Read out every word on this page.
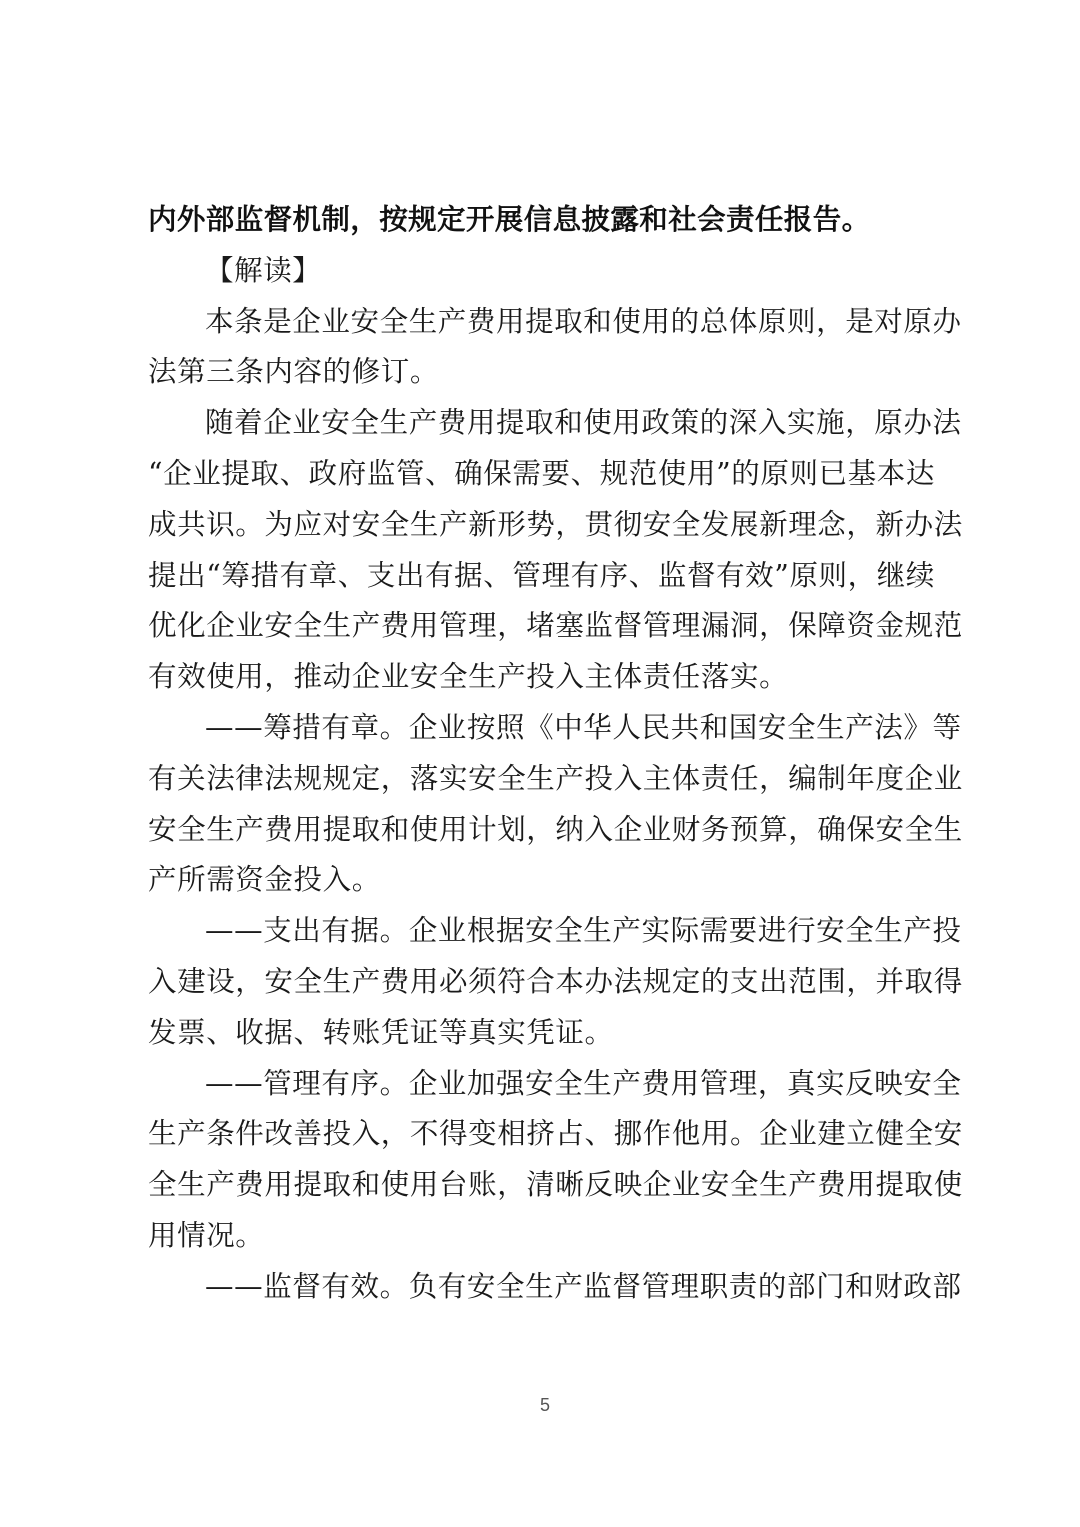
内外部监督机制，按规定开展信息披露和社会责任报告。
【解读】
本条是企业安全生产费用提取和使用的总体原则，是对原办
法第三条内容的修订。
随着企业安全生产费用提取和使用政策的深入实施，原办法
“企业提取、政府监管、确保需要、规范使用”的原则已基本达
成共识。为应对安全生产新形势，贯彻安全发展新理念，新办法
提出“筹措有章、支出有据、管理有序、监督有效”原则，继续
优化企业安全生产费用管理，堵塞监督管理漏洞，保障资金规范
有效使用，推动企业安全生产投入主体责任落实。
——筹措有章。企业按照《中华人民共和国安全生产法》等
有关法律法规规定，落实安全生产投入主体责任，编制年度企业
安全生产费用提取和使用计划，纳入企业财务预算，确保安全生
产所需资金投入。
——支出有据。企业根据安全生产实际需要进行安全生产投
入建设，安全生产费用必须符合本办法规定的支出范围，并取得
发票、收据、转账凭证等真实凭证。
——管理有序。企业加强安全生产费用管理，真实反映安全
生产条件改善投入，不得变相挤占、挪作他用。企业建立健全安
全生产费用提取和使用台账，清晰反映企业安全生产费用提取使
用情况。
——监督有效。负有安全生产监督管理职责的部门和财政部
5
